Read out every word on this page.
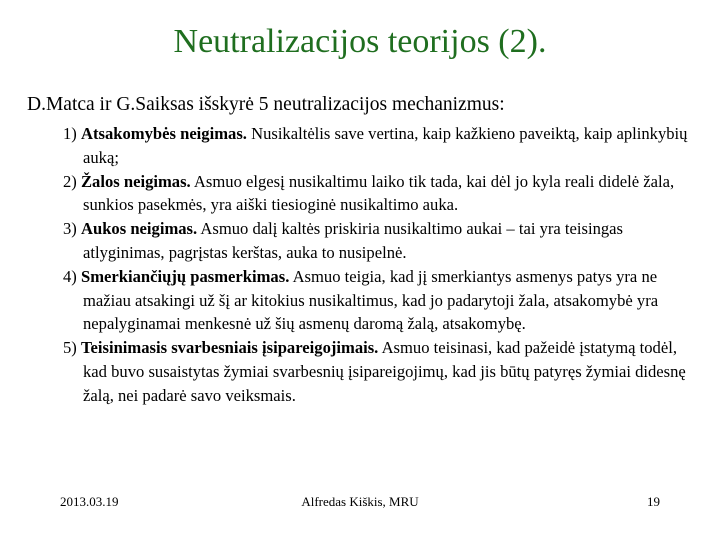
Neutralizacijos teorijos (2).
D.Matca ir G.Saiksas išskyrė 5 neutralizacijos mechanizmus:
1) Atsakomybės neigimas. Nusikaltėlis save vertina, kaip kažkieno paveiktą, kaip aplinkybių auką;
2) Žalos neigimas. Asmuo elgesį nusikaltimu laiko tik tada, kai dėl jo kyla reali didelė žala, sunkios pasekmės, yra aiški tiesioginė nusikaltimo auka.
3) Aukos neigimas. Asmuo dalį kaltės priskiria nusikaltimo aukai – tai yra teisingas atlyginimas, pagrįstas kerštas, auka to nusipelnė.
4) Smerkiančiųjų pasmerkimas. Asmuo teigia, kad jį smerkiantys asmenys patys yra ne mažiau atsakingi už šį ar kitokius nusikaltimus, kad jo padarytoji žala, atsakomybė yra nepalyginamai menkesnė už šių asmenų daromą žalą, atsakomybę.
5) Teisinimasis svarbesniais įsipareigojimais. Asmuo teisinasi, kad pažeidė įstatymą todėl, kad buvo susaistytas žymiai svarbesnių įsipareigojimų, kad jis būtų patyręs žymiai didesnę žalą, nei padarė savo veiksmais.
2013.03.19	Alfredas Kiškis, MRU	19
